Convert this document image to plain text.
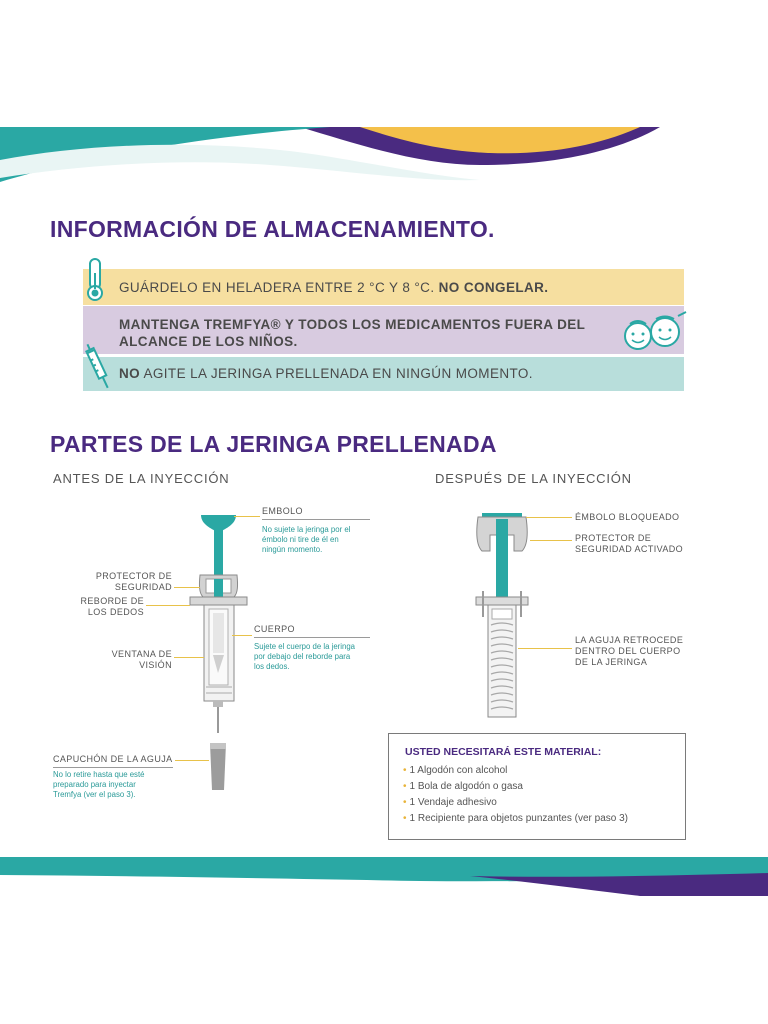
INFORMACIÓN DE ALMACENAMIENTO.
GUÁRDELO EN HELADERA ENTRE 2 °C Y 8 °C. NO CONGELAR.
MANTENGA TREMFYA® Y TODOS LOS MEDICAMENTOS FUERA DEL
ALCANCE DE LOS NIÑOS.
NO AGITE LA JERINGA PRELLENADA EN NINGÚN MOMENTO.
PARTES DE LA JERINGA PRELLENADA
ANTES DE LA INYECCIÓN	DESPUÉS DE LA INYECCIÓN
EMBOLO
No sujete la jeringa por el
émbolo ni tire de él en
ningún momento.
PROTECTOR DE
SEGURIDAD
REBORDE DE
LOS DEDOS
CUERPO
Sujete el cuerpo de la jeringa
por debajo del reborde para
los dedos.
VENTANA DE
VISIÓN
CAPUCHÓN DE LA AGUJA
No lo retire hasta que esté
preparado para inyectar
Tremfya (ver el paso 3).
ÉMBOLO BLOQUEADO
PROTECTOR DE
SEGURIDAD ACTIVADO
LA AGUJA RETROCEDE
DENTRO DEL CUERPO
DE LA JERINGA
USTED NECESITARÁ ESTE MATERIAL:
• 1 Algodón con alcohol
• 1 Bola de algodón o gasa
• 1 Vendaje adhesivo
• 1 Recipiente para objetos punzantes (ver paso 3)
